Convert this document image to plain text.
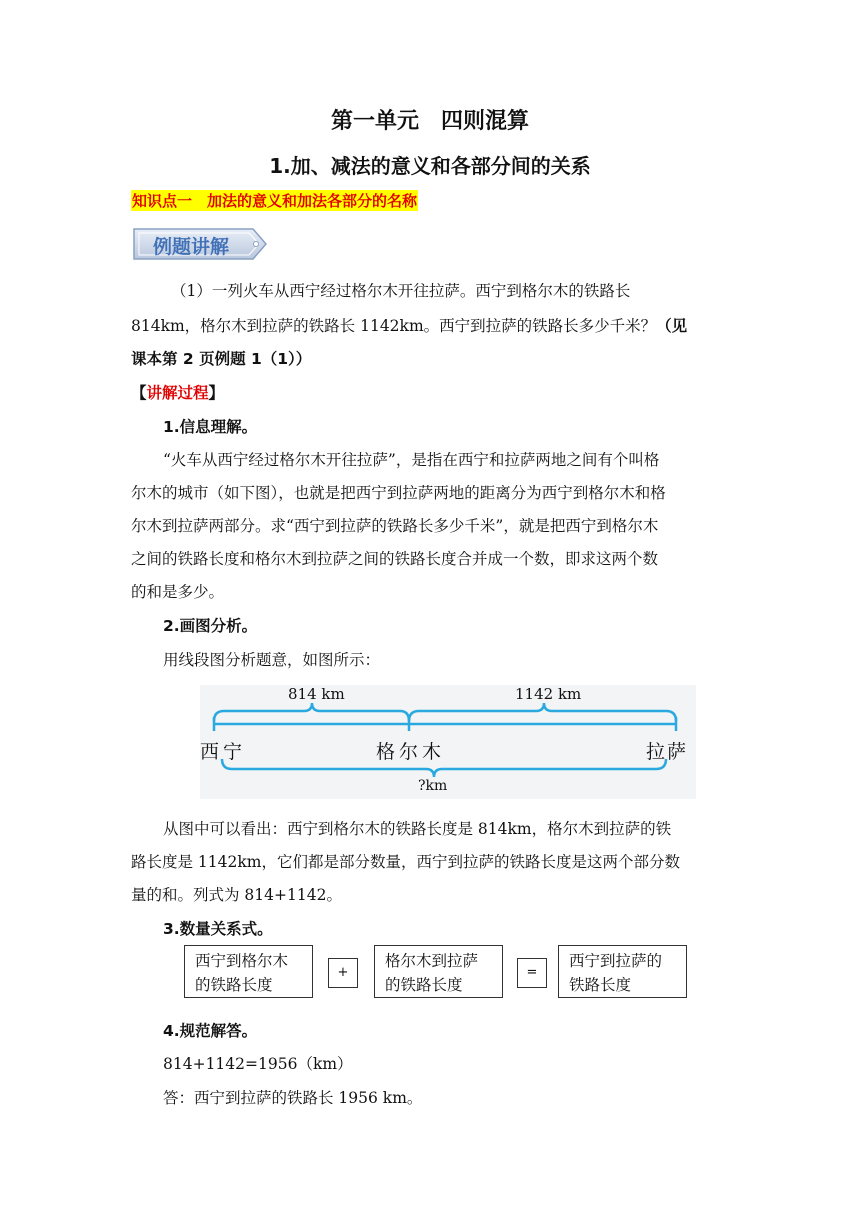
第一单元　四则混算
1.加、减法的意义和各部分间的关系
知识点一　加法的意义和加法各部分的名称
例题讲解
（1）一列火车从西宁经过格尔木开往拉萨。西宁到格尔木的铁路长
814km，格尔木到拉萨的铁路长 1142km。西宁到拉萨的铁路长多少千米？（见
课本第 2 页例题 1（1））
【讲解过程】
1.信息理解。
“火车从西宁经过格尔木开往拉萨”，是指在西宁和拉萨两地之间有个叫格
尔木的城市（如下图），也就是把西宁到拉萨两地的距离分为西宁到格尔木和格
尔木到拉萨两部分。求“西宁到拉萨的铁路长多少千米”，就是把西宁到格尔木
之间的铁路长度和格尔木到拉萨之间的铁路长度合并成一个数，即求这两个数
的和是多少。
2.画图分析。
用线段图分析题意，如图所示：
814 km	1142 km
西宁	格尔木	拉萨
?km
从图中可以看出：西宁到格尔木的铁路长度是 814km，格尔木到拉萨的铁
路长度是 1142km，它们都是部分数量，西宁到拉萨的铁路长度是这两个部分数
量的和。列式为 814+1142。
3.数量关系式。
西宁到格尔木
的铁路长度
+
格尔木到拉萨
的铁路长度
=
西宁到拉萨的
铁路长度
4.规范解答。
814+1142=1956（km）
答：西宁到拉萨的铁路长 1956 km。
